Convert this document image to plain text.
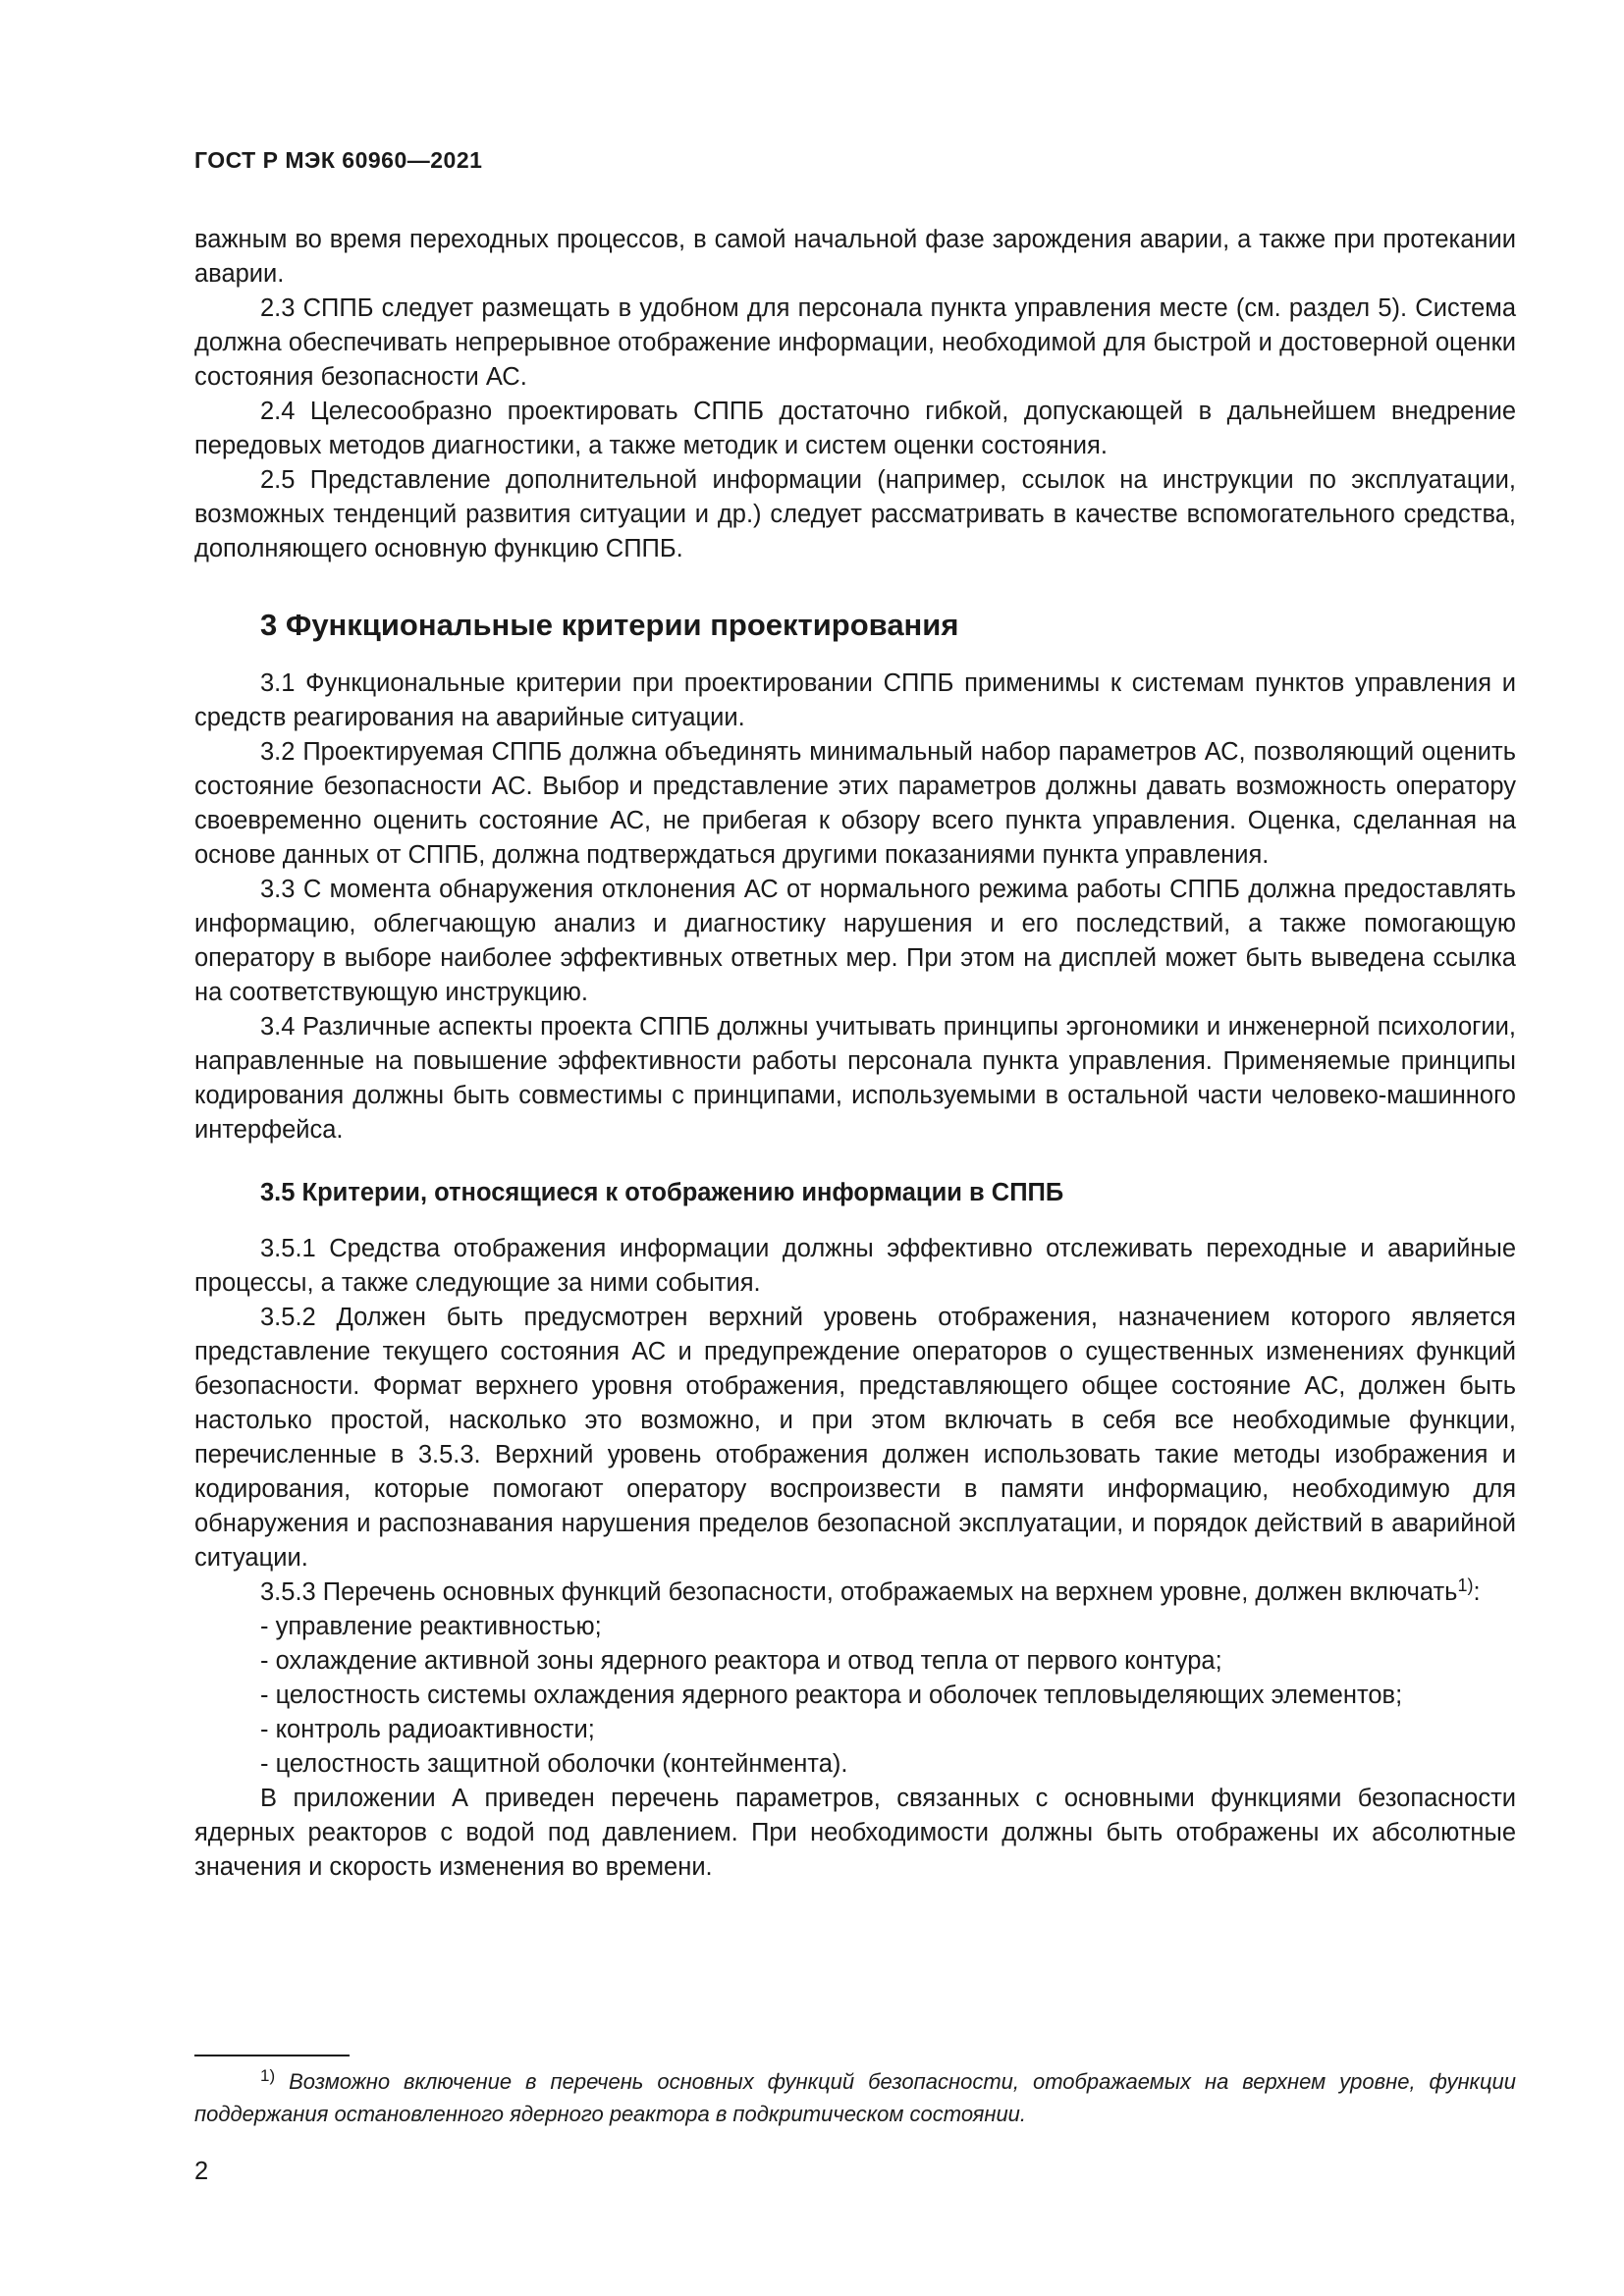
ГОСТ Р МЭК 60960—2021

важным во время переходных процессов, в самой начальной фазе зарождения аварии, а также при протекании аварии.

2.3 СППБ следует размещать в удобном для персонала пункта управления месте (см. раздел 5). Система должна обеспечивать непрерывное отображение информации, необходимой для быстрой и достоверной оценки состояния безопасности АС.

2.4 Целесообразно проектировать СППБ достаточно гибкой, допускающей в дальнейшем внедрение передовых методов диагностики, а также методик и систем оценки состояния.

2.5 Представление дополнительной информации (например, ссылок на инструкции по эксплуатации, возможных тенденций развития ситуации и др.) следует рассматривать в качестве вспомогательного средства, дополняющего основную функцию СППБ.

3 Функциональные критерии проектирования

3.1 Функциональные критерии при проектировании СППБ применимы к системам пунктов управления и средств реагирования на аварийные ситуации.

3.2 Проектируемая СППБ должна объединять минимальный набор параметров АС, позволяющий оценить состояние безопасности АС. Выбор и представление этих параметров должны давать возможность оператору своевременно оценить состояние АС, не прибегая к обзору всего пункта управления. Оценка, сделанная на основе данных от СППБ, должна подтверждаться другими показаниями пункта управления.

3.3 С момента обнаружения отклонения АС от нормального режима работы СППБ должна предоставлять информацию, облегчающую анализ и диагностику нарушения и его последствий, а также помогающую оператору в выборе наиболее эффективных ответных мер. При этом на дисплей может быть выведена ссылка на соответствующую инструкцию.

3.4 Различные аспекты проекта СППБ должны учитывать принципы эргономики и инженерной психологии, направленные на повышение эффективности работы персонала пункта управления. Применяемые принципы кодирования должны быть совместимы с принципами, используемыми в остальной части человеко-машинного интерфейса.

3.5 Критерии, относящиеся к отображению информации в СППБ

3.5.1 Средства отображения информации должны эффективно отслеживать переходные и аварийные процессы, а также следующие за ними события.

3.5.2 Должен быть предусмотрен верхний уровень отображения, назначением которого является представление текущего состояния АС и предупреждение операторов о существенных изменениях функций безопасности. Формат верхнего уровня отображения, представляющего общее состояние АС, должен быть настолько простой, насколько это возможно, и при этом включать в себя все необходимые функции, перечисленные в 3.5.3. Верхний уровень отображения должен использовать такие методы изображения и кодирования, которые помогают оператору воспроизвести в памяти информацию, необходимую для обнаружения и распознавания нарушения пределов безопасной эксплуатации, и порядок действий в аварийной ситуации.

3.5.3 Перечень основных функций безопасности, отображаемых на верхнем уровне, должен включать$^{1)}$:

- управление реактивностью;

- охлаждение активной зоны ядерного реактора и отвод тепла от первого контура;

- целостность системы охлаждения ядерного реактора и оболочек тепловыделяющих элементов;

- контроль радиоактивности;

- целостность защитной оболочки (контейнмента).

В приложении А приведен перечень параметров, связанных с основными функциями безопасности ядерных реакторов с водой под давлением. При необходимости должны быть отображены их абсолютные значения и скорость изменения во времени.

$^{1)}$ Возможно включение в перечень основных функций безопасности, отображаемых на верхнем уровне, функции поддержания остановленного ядерного реактора в подкритическом состоянии.
2
